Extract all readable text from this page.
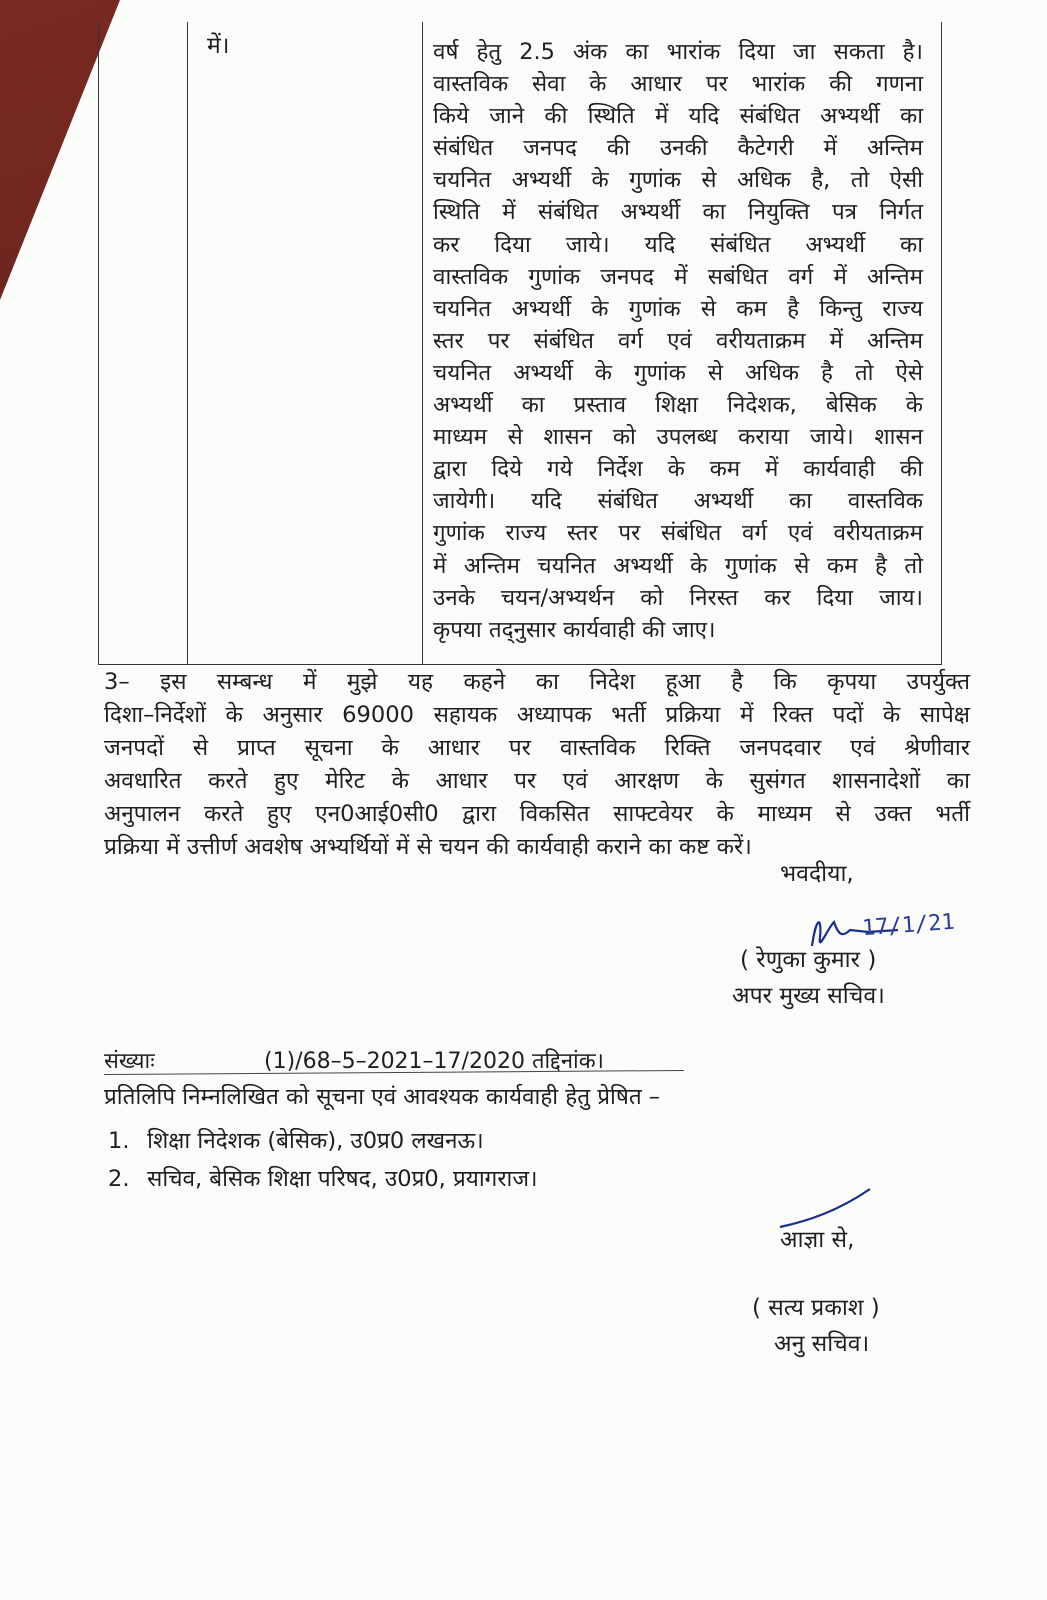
में।	वर्ष हेतु 2.5 अंक का भारांक दिया जा सकता है।
वास्तविक सेवा के आधार पर भारांक की गणना
किये जाने की स्थिति में यदि संबंधित अभ्यर्थी का
संबंधित जनपद की उनकी कैटेगरी में अन्तिम
चयनित अभ्यर्थी के गुणांक से अधिक है, तो ऐसी
स्थिति में संबंधित अभ्यर्थी का नियुक्ति पत्र निर्गत
कर दिया जाये। यदि संबंधित अभ्यर्थी का
वास्तविक गुणांक जनपद में सबंधित वर्ग में अन्तिम
चयनित अभ्यर्थी के गुणांक से कम है किन्तु राज्य
स्तर पर संबंधित वर्ग एवं वरीयताक्रम में अन्तिम
चयनित अभ्यर्थी के गुणांक से अधिक है तो ऐसे
अभ्यर्थी का प्रस्ताव शिक्षा निदेशक, बेसिक के
माध्यम से शासन को उपलब्ध कराया जाये। शासन
द्वारा दिये गये निर्देश के कम में कार्यवाही की
जायेगी। यदि संबंधित अभ्यर्थी का वास्तविक
गुणांक राज्य स्तर पर संबंधित वर्ग एवं वरीयताक्रम
में अन्तिम चयनित अभ्यर्थी के गुणांक से कम है तो
उनके चयन/अभ्यर्थन को निरस्त कर दिया जाय।
कृपया तद्नुसार कार्यवाही की जाए।
3– इस सम्बन्ध में मुझे यह कहने का निदेश हूआ है कि कृपया उपर्युक्त
दिशा–निर्देशों के अनुसार 69000 सहायक अध्यापक भर्ती प्रक्रिया में रिक्त पदों के सापेक्ष
जनपदों से प्राप्त सूचना के आधार पर वास्तविक रिक्ति जनपदवार एवं श्रेणीवार
अवधारित करते हुए मेरिट के आधार पर एवं आरक्षण के सुसंगत शासनादेशों का
अनुपालन करते हुए एन0आई0सी0 द्वारा विकसित साफ्टवेयर के माध्यम से उक्त भर्ती
प्रक्रिया में उत्तीर्ण अवशेष अभ्यर्थियों में से चयन की कार्यवाही कराने का कष्ट करें।
भवदीया,
17/1/21
( रेणुका कुमार )
अपर मुख्य सचिव।
संख्याः	(1)/68–5–2021–17/2020 तद्दिनांक।
प्रतिलिपि निम्नलिखित को सूचना एवं आवश्यक कार्यवाही हेतु प्रेषित –
1. शिक्षा निदेशक (बेसिक), उ0प्र0 लखनऊ।
2. सचिव, बेसिक शिक्षा परिषद, उ0प्र0, प्रयागराज।
आज्ञा से,
( सत्य प्रकाश )
अनु सचिव।
